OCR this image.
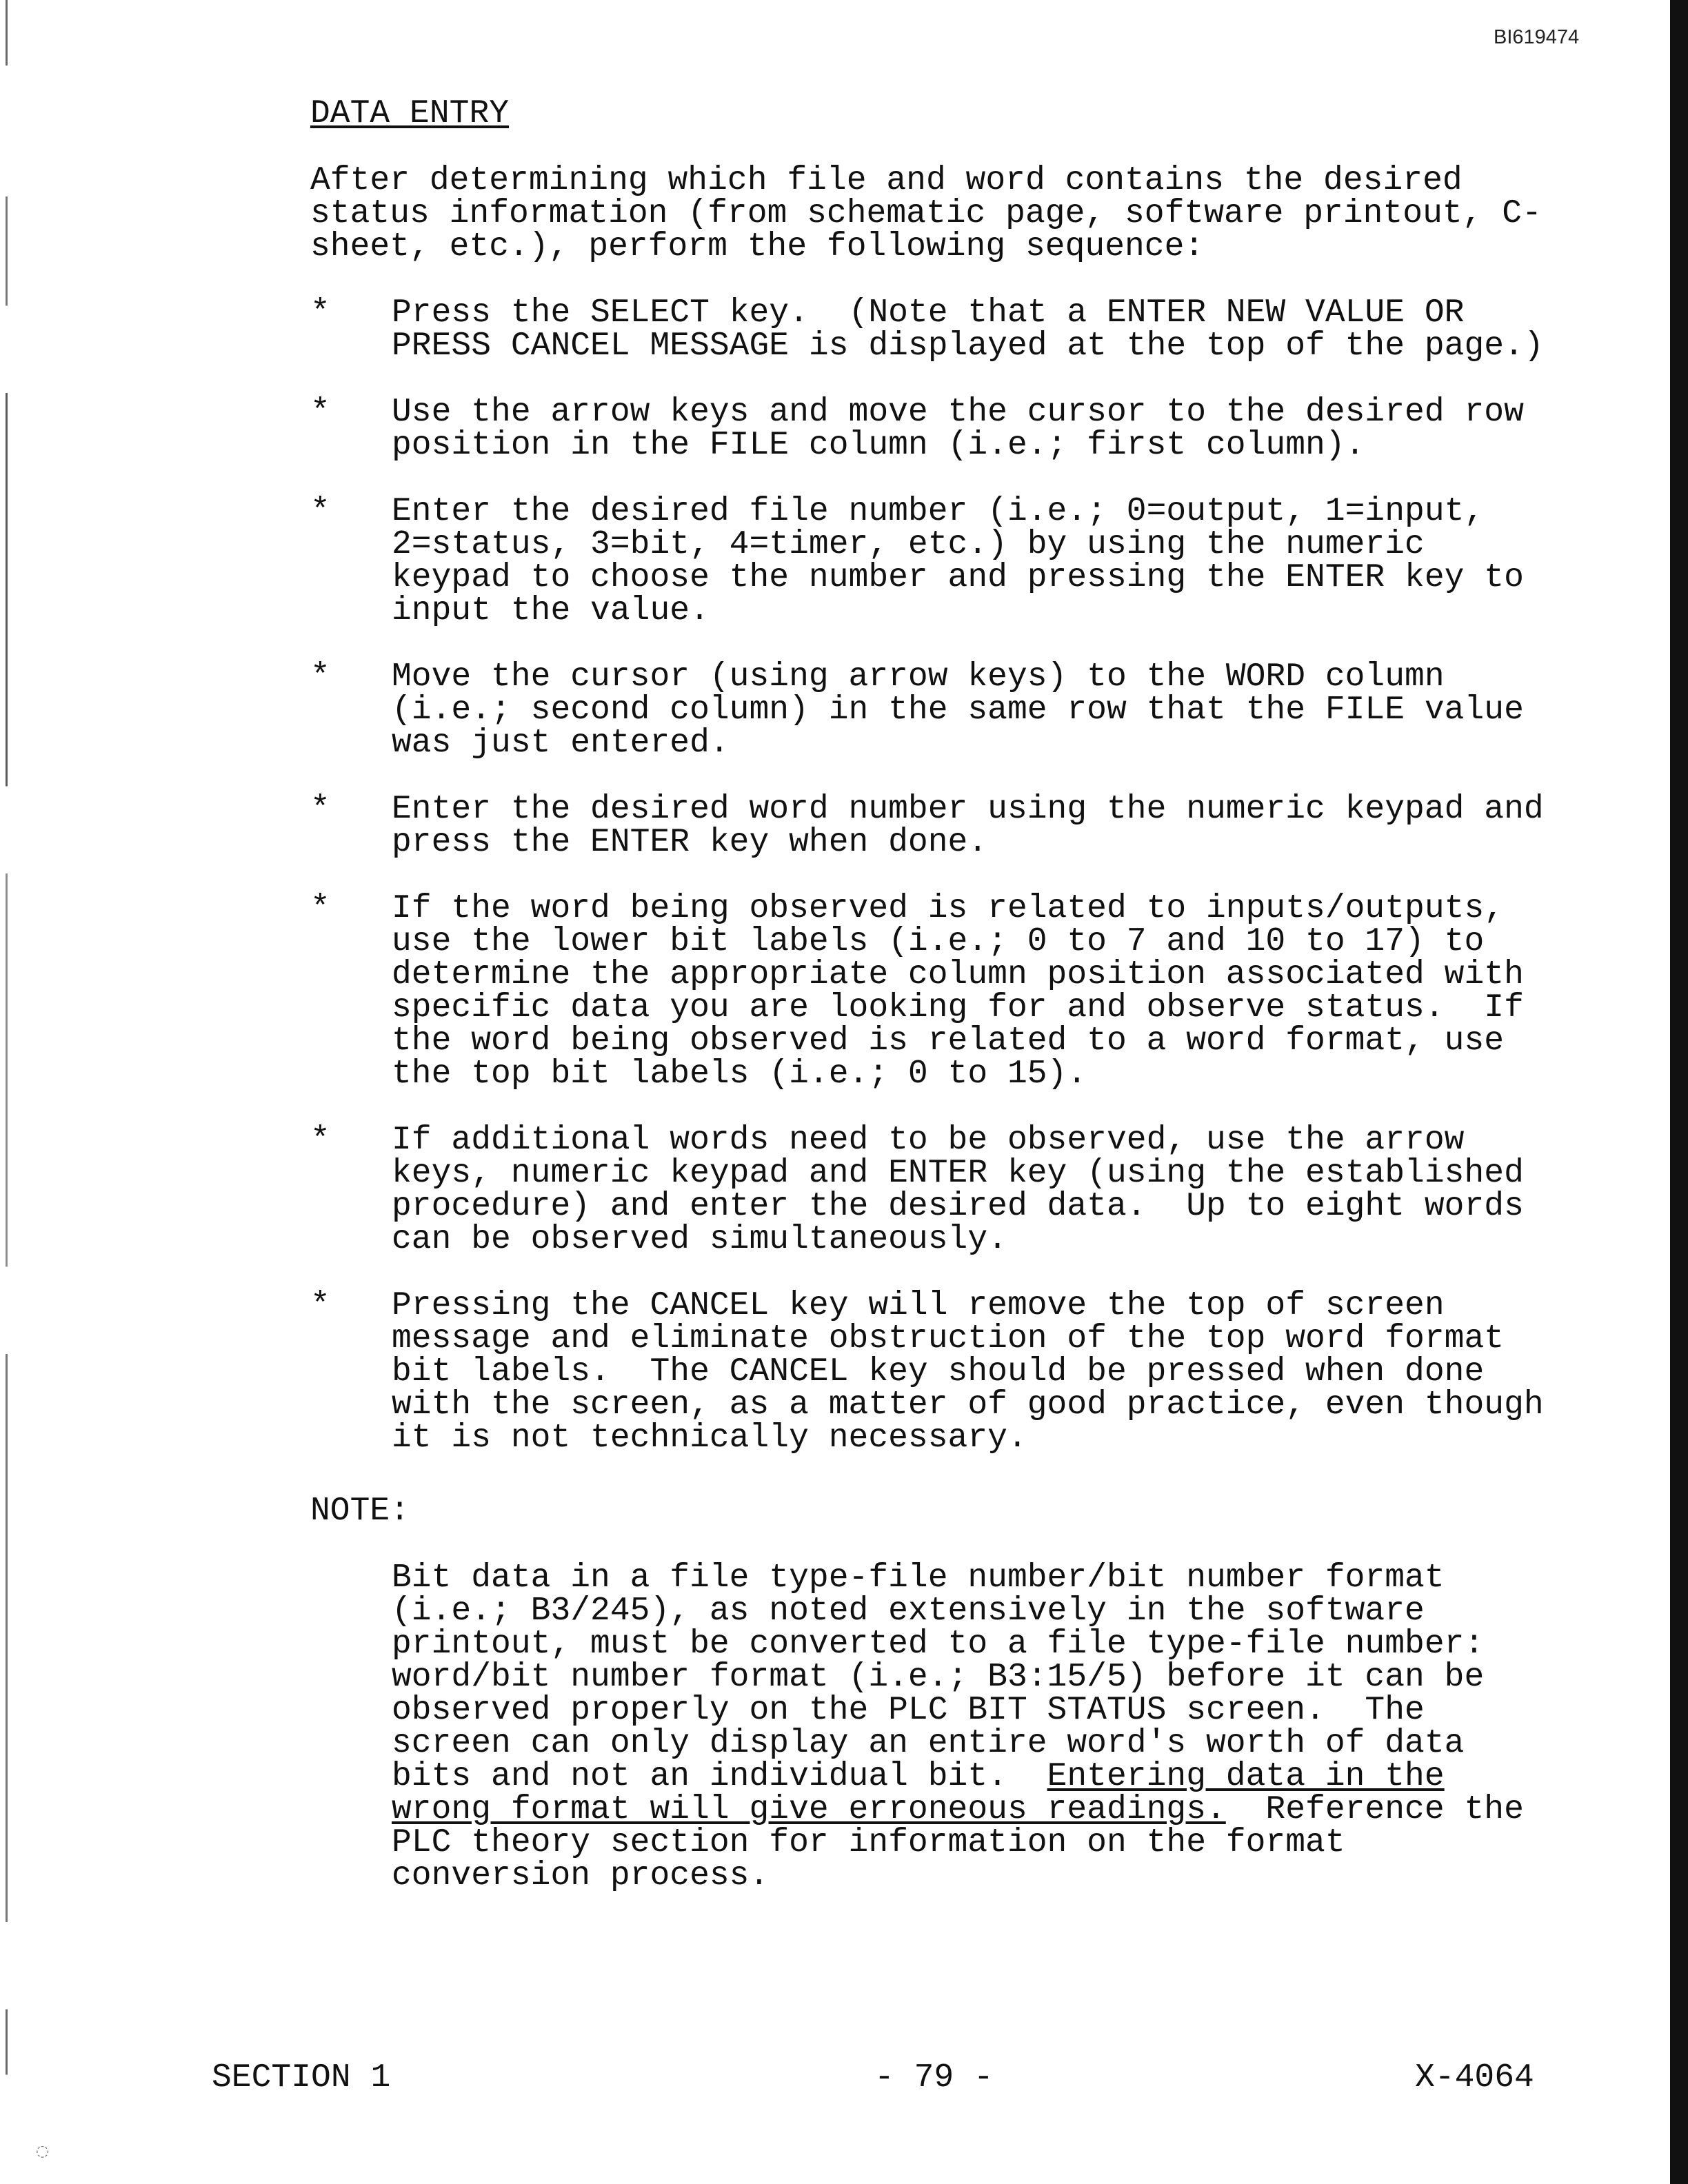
BI619474
DATA ENTRY
After determining which file and word contains the desired
status information (from schematic page, software printout, C-
sheet, etc.), perform the following sequence:
* Press the SELECT key.  (Note that a ENTER NEW VALUE OR
PRESS CANCEL MESSAGE is displayed at the top of the page.)
* Use the arrow keys and move the cursor to the desired row
position in the FILE column (i.e.; first column).
* Enter the desired file number (i.e.; 0=output, 1=input,
2=status, 3=bit, 4=timer, etc.) by using the numeric
keypad to choose the number and pressing the ENTER key to
input the value.
* Move the cursor (using arrow keys) to the WORD column
(i.e.; second column) in the same row that the FILE value
was just entered.
* Enter the desired word number using the numeric keypad and
press the ENTER key when done.
* If the word being observed is related to inputs/outputs,
use the lower bit labels (i.e.; 0 to 7 and 10 to 17) to
determine the appropriate column position associated with
specific data you are looking for and observe status.  If
the word being observed is related to a word format, use
the top bit labels (i.e.; 0 to 15).
* If additional words need to be observed, use the arrow
keys, numeric keypad and ENTER key (using the established
procedure) and enter the desired data.  Up to eight words
can be observed simultaneously.
* Pressing the CANCEL key will remove the top of screen
message and eliminate obstruction of the top word format
bit labels.  The CANCEL key should be pressed when done
with the screen, as a matter of good practice, even though
it is not technically necessary.
NOTE:
Bit data in a file type-file number/bit number format
(i.e.; B3/245), as noted extensively in the software
printout, must be converted to a file type-file number:
word/bit number format (i.e.; B3:15/5) before it can be
observed properly on the PLC BIT STATUS screen.  The
screen can only display an entire word's worth of data
bits and not an individual bit.  Entering data in the
wrong format will give erroneous readings.  Reference the
PLC theory section for information on the format
conversion process.
SECTION 1	- 79 -	X-4064
◌
